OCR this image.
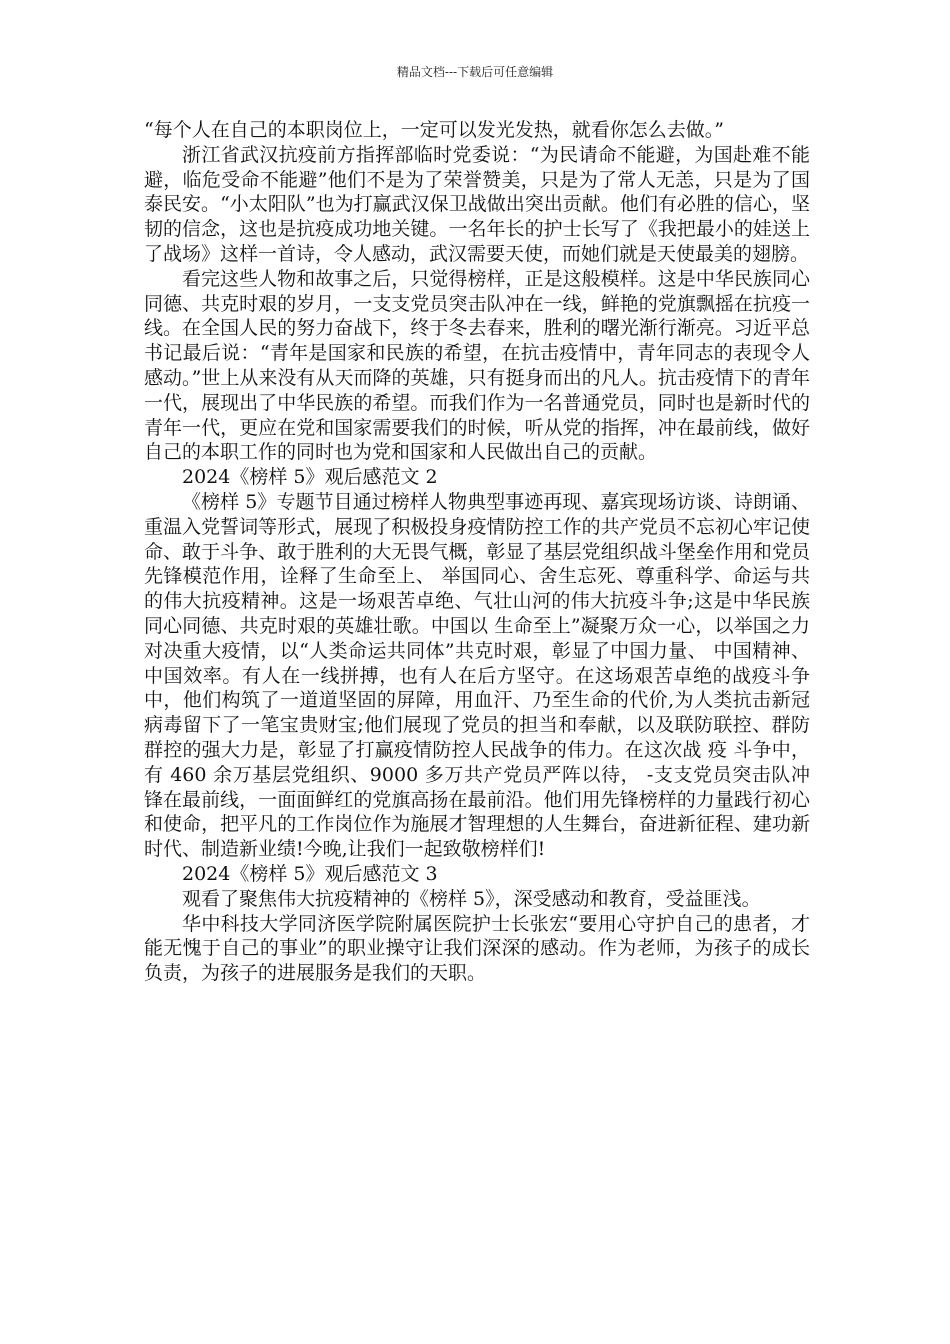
精品文档---下载后可任意编辑

“每个人在自己的本职岗位上，一定可以发光发热，就看你怎么去做。”

浙江省武汉抗疫前方指挥部临时党委说：“为民请命不能避，为国赴难不能避，临危受命不能避”他们不是为了荣誉赞美，只是为了常人无恙，只是为了国泰民安。“小太阳队”也为打赢武汉保卫战做出突出贡献。他们有必胜的信心，坚韧的信念，这也是抗疫成功地关键。一名年长的护士长写了《我把最小的娃送上了战场》这样一首诗，令人感动，武汉需要天使，而她们就是天使最美的翅膀。

看完这些人物和故事之后，只觉得榜样，正是这般模样。这是中华民族同心同德、共克时艰的岁月，一支支党员突击队冲在一线，鲜艳的党旗飘摇在抗疫一线。在全国人民的努力奋战下，终于冬去春来，胜利的曙光渐行渐亮。习近平总书记最后说：“青年是国家和民族的希望，在抗击疫情中，青年同志的表现令人感动。”世上从来没有从天而降的英雄，只有挺身而出的凡人。抗击疫情下的青年一代，展现出了中华民族的希望。而我们作为一名普通党员，同时也是新时代的青年一代，更应在党和国家需要我们的时候，听从党的指挥，冲在最前线，做好自己的本职工作的同时也为党和国家和人民做出自己的贡献。

2024《榜样 5》观后感范文 2

《榜样 5》专题节目通过榜样人物典型事迹再现、嘉宾现场访谈、诗朗诵、重温入党誓词等形式，展现了积极投身疫情防控工作的共产党员不忘初心牢记使命、敢于斗争、敢于胜利的大无畏气概，彰显了基层党组织战斗堡垒作用和党员先锋模范作用，诠释了生命至上、 举国同心、舍生忘死、尊重科学、命运与共的伟大抗疫精神。这是一场艰苦卓绝、气壮山河的伟大抗疫斗争;这是中华民族同心同德、共克时艰的英雄壮歌。中国以 生命至上”凝聚万众一心，以举国之力对决重大疫情，以“人类命运共同体”共克时艰，彰显了中国力量、 中国精神、中国效率。有人在一线拼搏，也有人在后方坚守。在这场艰苦卓绝的战疫斗争中，他们构筑了一道道坚固的屏障，用血汗、乃至生命的代价,为人类抗击新冠病毒留下了一笔宝贵财宝;他们展现了党员的担当和奉献，以及联防联控、群防群控的强大力是，彰显了打赢疫情防控人民战争的伟力。在这次战 疫 斗争中，有 460 余万基层党组织、9000 多万共产党员严阵以待， -支支党员突击队冲锋在最前线，一面面鲜红的党旗高扬在最前沿。他们用先锋榜样的力量践行初心和使命，把平凡的工作岗位作为施展才智理想的人生舞台，奋进新征程、建功新时代、制造新业绩!今晚,让我们一起致敬榜样们!

2024《榜样 5》观后感范文 3

观看了聚焦伟大抗疫精神的《榜样 5》，深受感动和教育，受益匪浅。

华中科技大学同济医学院附属医院护士长张宏“要用心守护自己的患者，才能无愧于自己的事业”的职业操守让我们深深的感动。作为老师，为孩子的成长负责，为孩子的进展服务是我们的天职。
